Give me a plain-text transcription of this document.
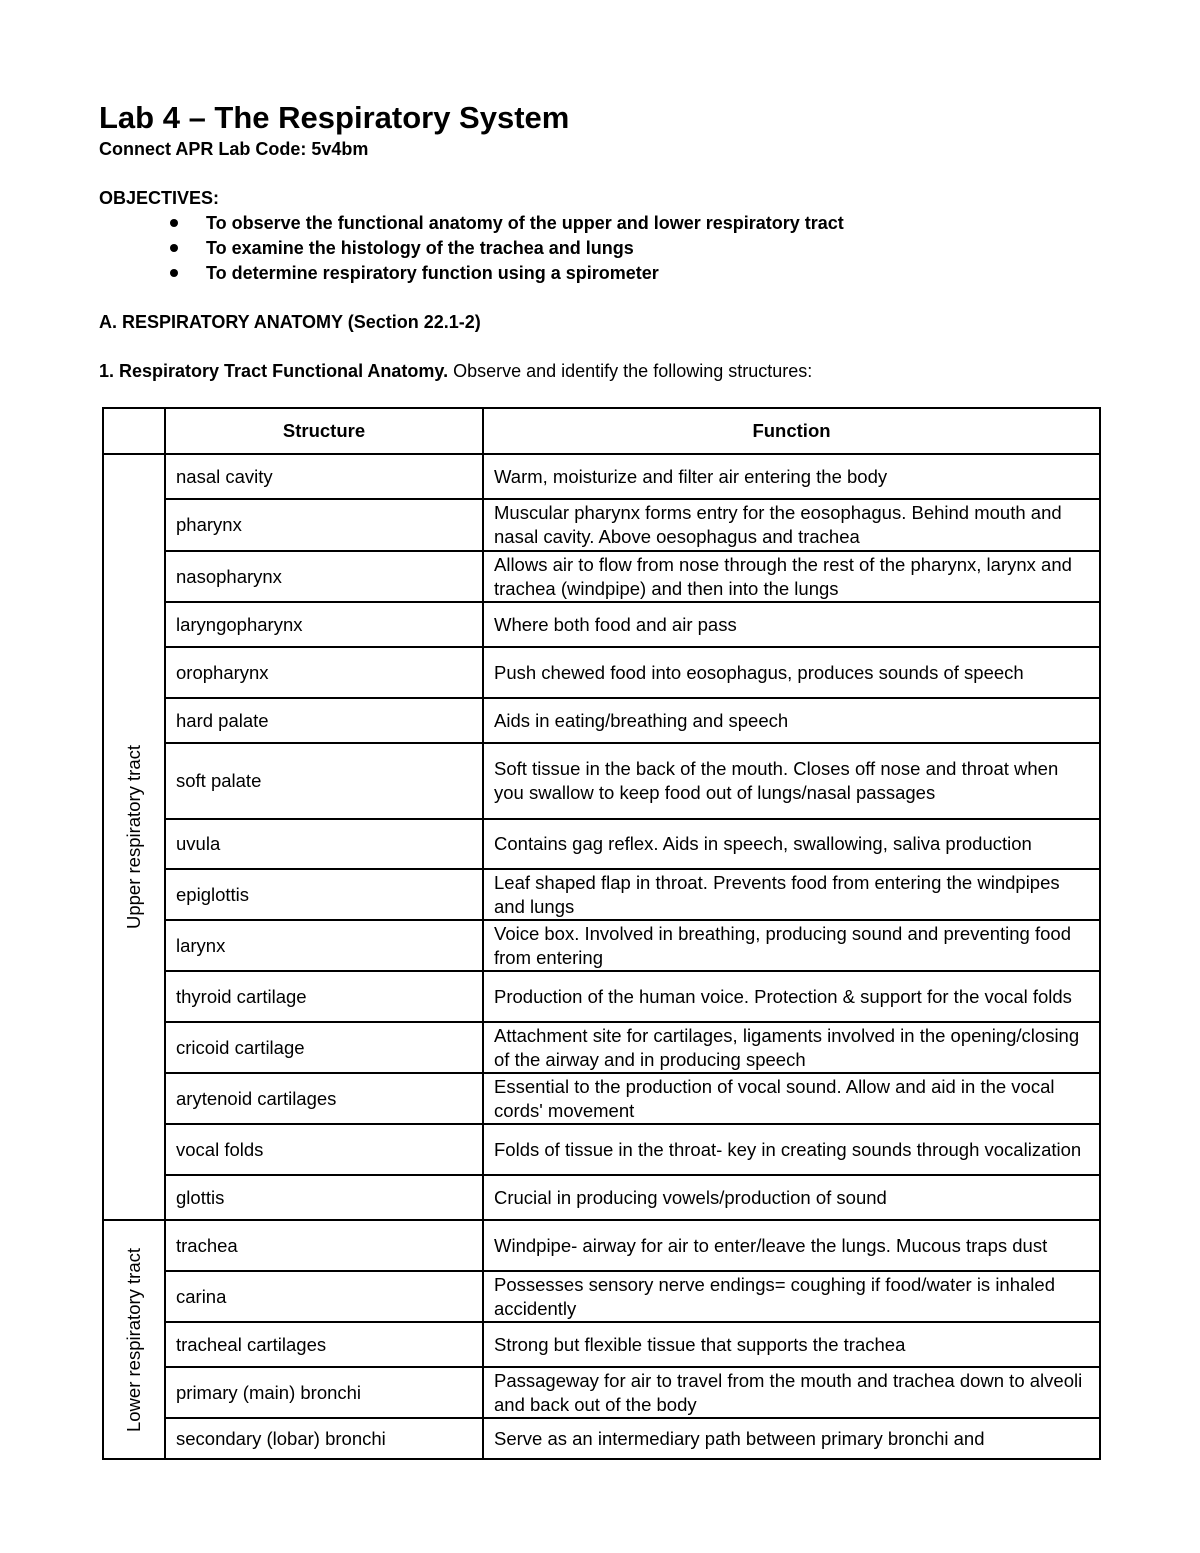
Lab 4 – The Respiratory System
Connect APR Lab Code: 5v4bm
OBJECTIVES:
To observe the functional anatomy of the upper and lower respiratory tract
To examine the histology of the trachea and lungs
To determine respiratory function using a spirometer
A. RESPIRATORY ANATOMY (Section 22.1-2)
1. Respiratory Tract Functional Anatomy. Observe and identify the following structures:
	Structure	Function

Upper respiratory tract	nasal cavity	Warm, moisturize and filter air entering the body
	pharynx	Muscular pharynx forms entry for the eosophagus. Behind mouth and nasal cavity. Above oesophagus and trachea
	nasopharynx	Allows air to flow from nose through the rest of the pharynx, larynx and trachea (windpipe) and then into the lungs
	laryngopharynx	Where both food and air pass
	oropharynx	Push chewed food into eosophagus, produces sounds of speech
	hard palate	Aids in eating/breathing and speech
	soft palate	Soft tissue in the back of the mouth. Closes off nose and throat when you swallow to keep food out of lungs/nasal passages
	uvula	Contains gag reflex. Aids in speech, swallowing, saliva production
	epiglottis	Leaf shaped flap in throat. Prevents food from entering the windpipes and lungs
	larynx	Voice box. Involved in breathing, producing sound and preventing food from entering
	thyroid cartilage	Production of the human voice. Protection & support for the vocal folds
	cricoid cartilage	Attachment site for cartilages, ligaments involved in the opening/closing of the airway and in producing speech
	arytenoid cartilages	Essential to the production of vocal sound. Allow and aid in the vocal cords' movement
	vocal folds	Folds of tissue in the throat- key in creating sounds through vocalization
	glottis	Crucial in producing vowels/production of sound

Lower respiratory tract	trachea	Windpipe- airway for air to enter/leave the lungs. Mucous traps dust
	carina	Possesses sensory nerve endings= coughing if food/water is inhaled accidently
	tracheal cartilages	Strong but flexible tissue that supports the trachea
	primary (main) bronchi	Passageway for air to travel from the mouth and trachea down to alveoli and back out of the body
	secondary (lobar) bronchi	Serve as an intermediary path between primary bronchi and
